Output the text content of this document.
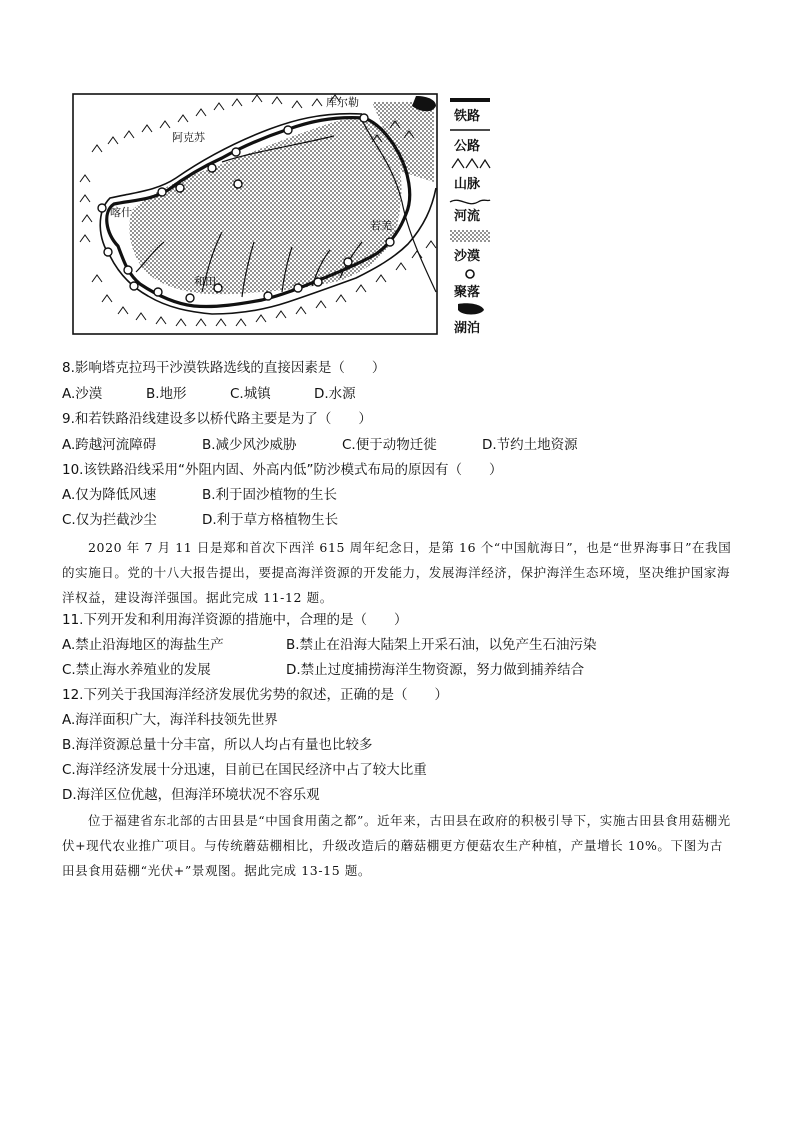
库尔勒
阿克苏
喀什
和田
若羌
铁路
公路
山脉
河流
沙漠
聚落
湖泊
8.影响塔克拉玛干沙漠铁路选线的直接因素是（　　）
A.沙漠	B.地形	C.城镇	D.水源
9.和若铁路沿线建设多以桥代路主要是为了（　　）
A.跨越河流障碍	B.减少风沙威胁	C.便于动物迁徙	D.节约土地资源
10.该铁路沿线采用“外阻内固、外高内低”防沙模式布局的原因有（　　）
A.仅为降低风速	B.利于固沙植物的生长
C.仅为拦截沙尘	D.利于草方格植物生长

2020 年 7 月 11 日是郑和首次下西洋 615 周年纪念日，是第 16 个“中国航海日”，也是“世界海事日”在我国的实施日。党的十八大报告提出，要提高海洋资源的开发能力，发展海洋经济，保护海洋生态环境，坚决维护国家海洋权益，建设海洋强国。据此完成 11-12 题。

11.下列开发和利用海洋资源的措施中，合理的是（　　）
A.禁止沿海地区的海盐生产	B.禁止在沿海大陆架上开采石油，以免产生石油污染
C.禁止海水养殖业的发展	D.禁止过度捕捞海洋生物资源，努力做到捕养结合
12.下列关于我国海洋经济发展优劣势的叙述，正确的是（　　）
A.海洋面积广大，海洋科技领先世界
B.海洋资源总量十分丰富，所以人均占有量也比较多
C.海洋经济发展十分迅速，目前已在国民经济中占了较大比重
D.海洋区位优越，但海洋环境状况不容乐观

位于福建省东北部的古田县是“中国食用菌之都”。近年来，古田县在政府的积极引导下，实施古田县食用菇棚光伏+现代农业推广项目。与传统蘑菇棚相比，升级改造后的蘑菇棚更方便菇农生产种植，产量增长 10%。下图为古田县食用菇棚“光伏+”景观图。据此完成 13-15 题。
